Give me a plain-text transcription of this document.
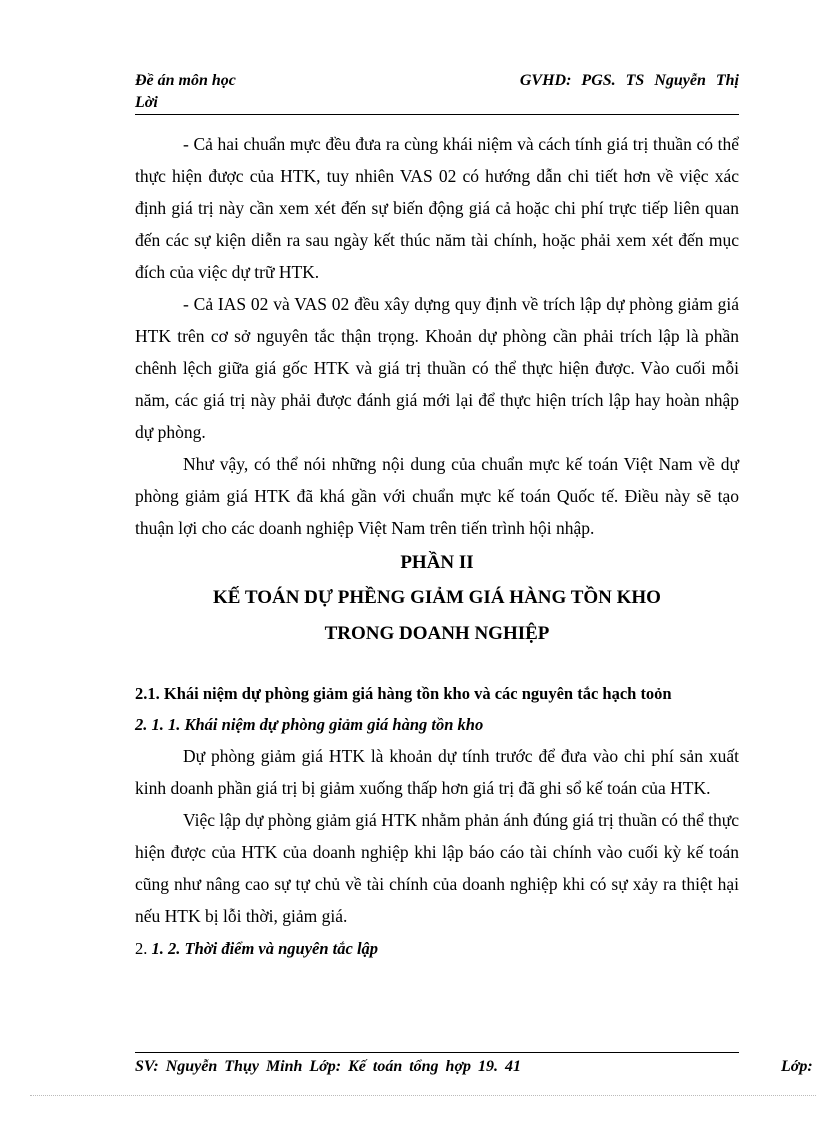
Đề án môn học
Lời
GVHD: PGS. TS Nguyễn Thị

- Cả hai chuẩn mực đều đưa ra cùng khái niệm và cách tính giá trị thuần có thể thực hiện được của HTK, tuy nhiên VAS 02 có hướng dẫn chi tiết hơn về việc xác định giá trị này cần xem xét đến sự biến động giá cả hoặc chi phí trực tiếp liên quan đến các sự kiện diễn ra sau ngày kết thúc năm tài chính, hoặc phải xem xét đến mục đích của việc dự trữ HTK.

- Cả IAS 02 và VAS 02 đều xây dựng quy định về trích lập dự phòng giảm giá HTK trên cơ sở nguyên tắc thận trọng. Khoản dự phòng cần phải trích lập là phần chênh lệch giữa giá gốc HTK và giá trị thuần có thể thực hiện được. Vào cuối mỗi năm, các giá trị này phải được đánh giá mới lại để thực hiện trích lập hay hoàn nhập dự phòng.

Như vậy, có thể nói những nội dung của chuẩn mực kế toán Việt Nam về dự phòng giảm giá HTK đã khá gần với chuẩn mực kế toán Quốc tế. Điều này sẽ tạo thuận lợi cho các doanh nghiệp Việt Nam trên tiến trình hội nhập.

PHẦN II
KẾ TOÁN DỰ PHỀNG GIẢM GIÁ HÀNG TỒN KHO
TRONG DOANH NGHIỆP

2.1. Khái niệm dự phòng giảm giá hàng tồn kho và các nguyên tắc hạch toỏn

2. 1. 1. Khái niệm dự phòng giảm giá hàng tồn kho

Dự phòng giảm giá HTK là khoản dự tính trước để đưa vào chi phí sản xuất kinh doanh phần giá trị bị giảm xuống thấp hơn giá trị đã ghi sổ kế toán của HTK.

Việc lập dự phòng giảm giá HTK nhằm phản ánh đúng giá trị thuần có thể thực hiện được của HTK của doanh nghiệp khi lập báo cáo tài chính vào cuối kỳ kế toán cũng như nâng cao sự tự chủ về tài chính của doanh nghiệp khi có sự xảy ra thiệt hại nếu HTK bị lỗi thời, giảm giá.

2. 1. 2. Thời điểm và nguyên tắc lập

SV: Nguyễn Thụy Minh Lớp: Kế toán tổng hợp 19. 41	Lớp:
